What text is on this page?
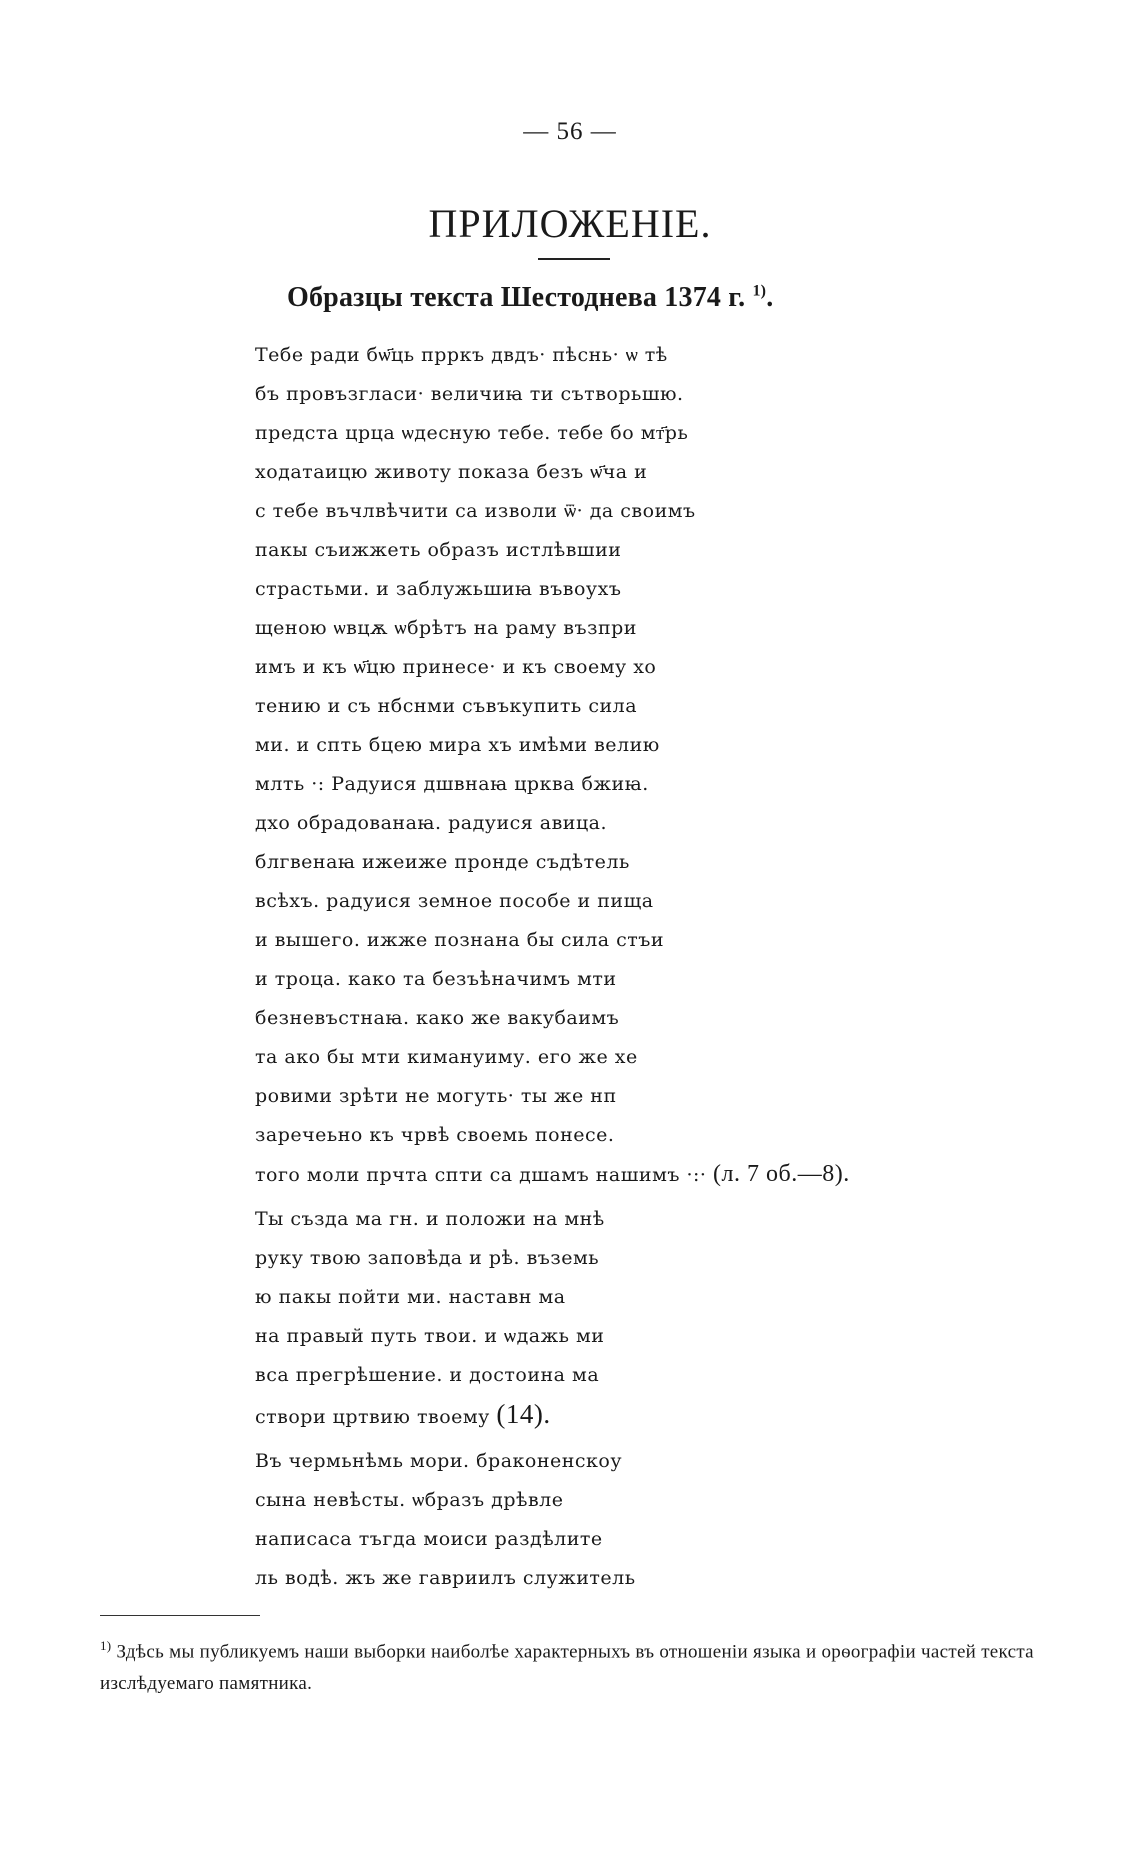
— 56 —
ПРИЛОЖЕНІЕ.
Образцы текста Шестоднева 1374 г. $^{1)}$.
Тебе ради бѡ҃ць прркъ двдъ· пѣснь· ѡ тѣ
бъ провъзгласи· величиꙗ ти сътворьшю.
предста црца ѡдесную тебе. тебе бо мт҃рь
ходатаицю животу показа безъ ѡ҃ча и
с тебе въчлвѣчити са изволи ѿ· да своимъ
пакы съижжеть образъ истлѣвшии
страстьми. и заблужьшиꙗ въвоухъ
щеною ѡвцѫ ѡбрѣтъ на раму възпри
имъ и къ ѡ҃цю принесе· и къ своему хо
тению и съ нбснми съвъкупить сила
ми. и спть бцею мира хъ имѣми велию
млть ·: Радуися дшвнаꙗ црква бжиꙗ.
дхо обрадованаꙗ. радуися авица.
блгвенаꙗ ижеиже пронде съдѣтель
всѣхъ. радуися земное пособе и пища
и вышего. ижже познана бы сила стъи
и троца. како та безъѣначимъ мти
безневъстнаꙗ. како же вакубаимъ
та ако бы мти кимануиму. его же хе
ровими зрѣти не могуть· ты же нп
заречеьно къ чрвѣ своемь понесе.
того моли прчта спти са дшамъ нашимъ ·:· (л. 7 об.—8).
Ты създа ма гн. и положи на мнѣ
руку твою заповѣда и рѣ. въземь
ю пакы пойти ми. наставн ма
на правый путь твои. и ѡдажь ми
вса прегрѣшение. и достоина ма
створи цртвию твоему (14).
Въ чермьнѣмь мори. браконенскоу
сына невѣсты. ѡбразъ дрѣвле
написаса тъгда моиси раздѣлите
ль водѣ. жъ же гавриилъ служитель
$^{1)}$ Здѣсь мы публикуемъ наши выборки наиболѣе характерныхъ въ отношеніи языка и орѳографіи частей текста изслѣдуемаго памятника.
